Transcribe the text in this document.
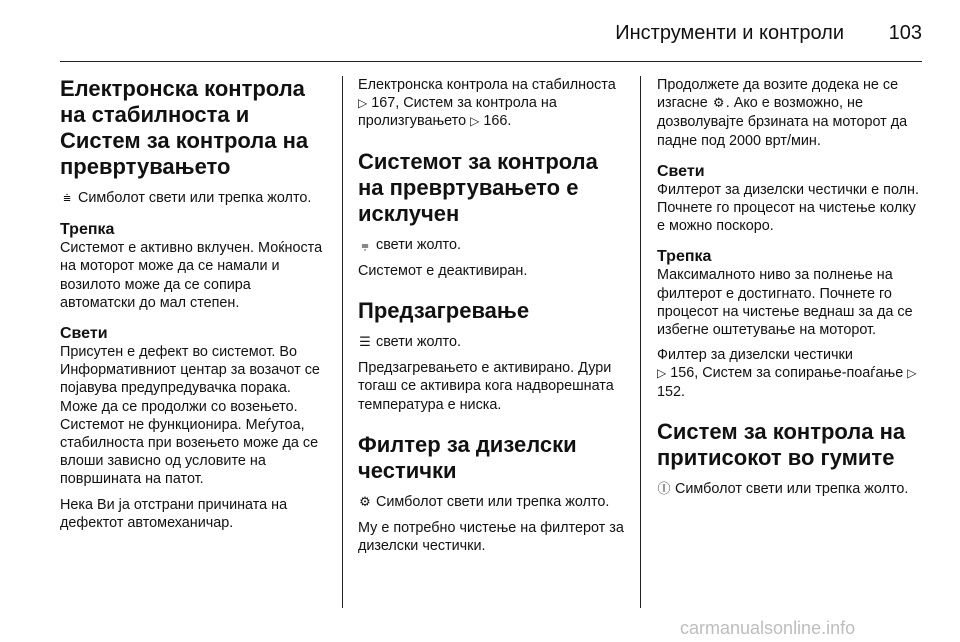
Инструменти и контроли 103
Електронска контрола на стабилноста и Систем за контрола на превртувањето

⩧ Симболот свети или трепка жолто.

Трепка

Системот е активно вклучен. Моќноста на моторот може да се намали и возилото може да се сопира автоматски до мал степен.

Свети

Присутен е дефект во системот. Во Информативниот центар за возачот се појавува предупредувачка порака. Може да се продолжи со возењето. Системот не функционира. Меѓутоа, стабилноста при возењето може да се влоши зависно од условите на површината на патот.

Нека Ви ја отстрани причината на дефектот автомеханичар.

Електронска контрола на стабилноста ▷ 167, Систем за контрола на пролизгувањето ▷ 166.

Системот за контрола на превртувањето е исклучен

⩦ свети жолто.

Системот е деактивиран.

Предзагревање

☰ свети жолто.

Предзагревањето е активирано. Дури тогаш се активира кога надворешната температура е ниска.

Филтер за дизелски честички

⚙ Симболот свети или трепка жолто.

Му е потребно чистење на филтерот за дизелски честички.

Продолжете да возите додека не се изгасне ⚙. Ако е возможно, не дозволувајте брзината на моторот да падне под 2000 врт/мин.

Свети

Филтерот за дизелски честички е полн. Почнете го процесот на чистење колку е можно поскоро.

Трепка

Максималното ниво за полнење на филтерот е достигнато. Почнете го процесот на чистење веднаш за да се избегне оштетување на моторот.

Филтер за дизелски честички
▷ 156, Систем за сопирање-поаѓање ▷ 152.

Систем за контрола на притисокот во гумите

Ⓘ Симболот свети или трепка жолто.

carmanualsonline.info
